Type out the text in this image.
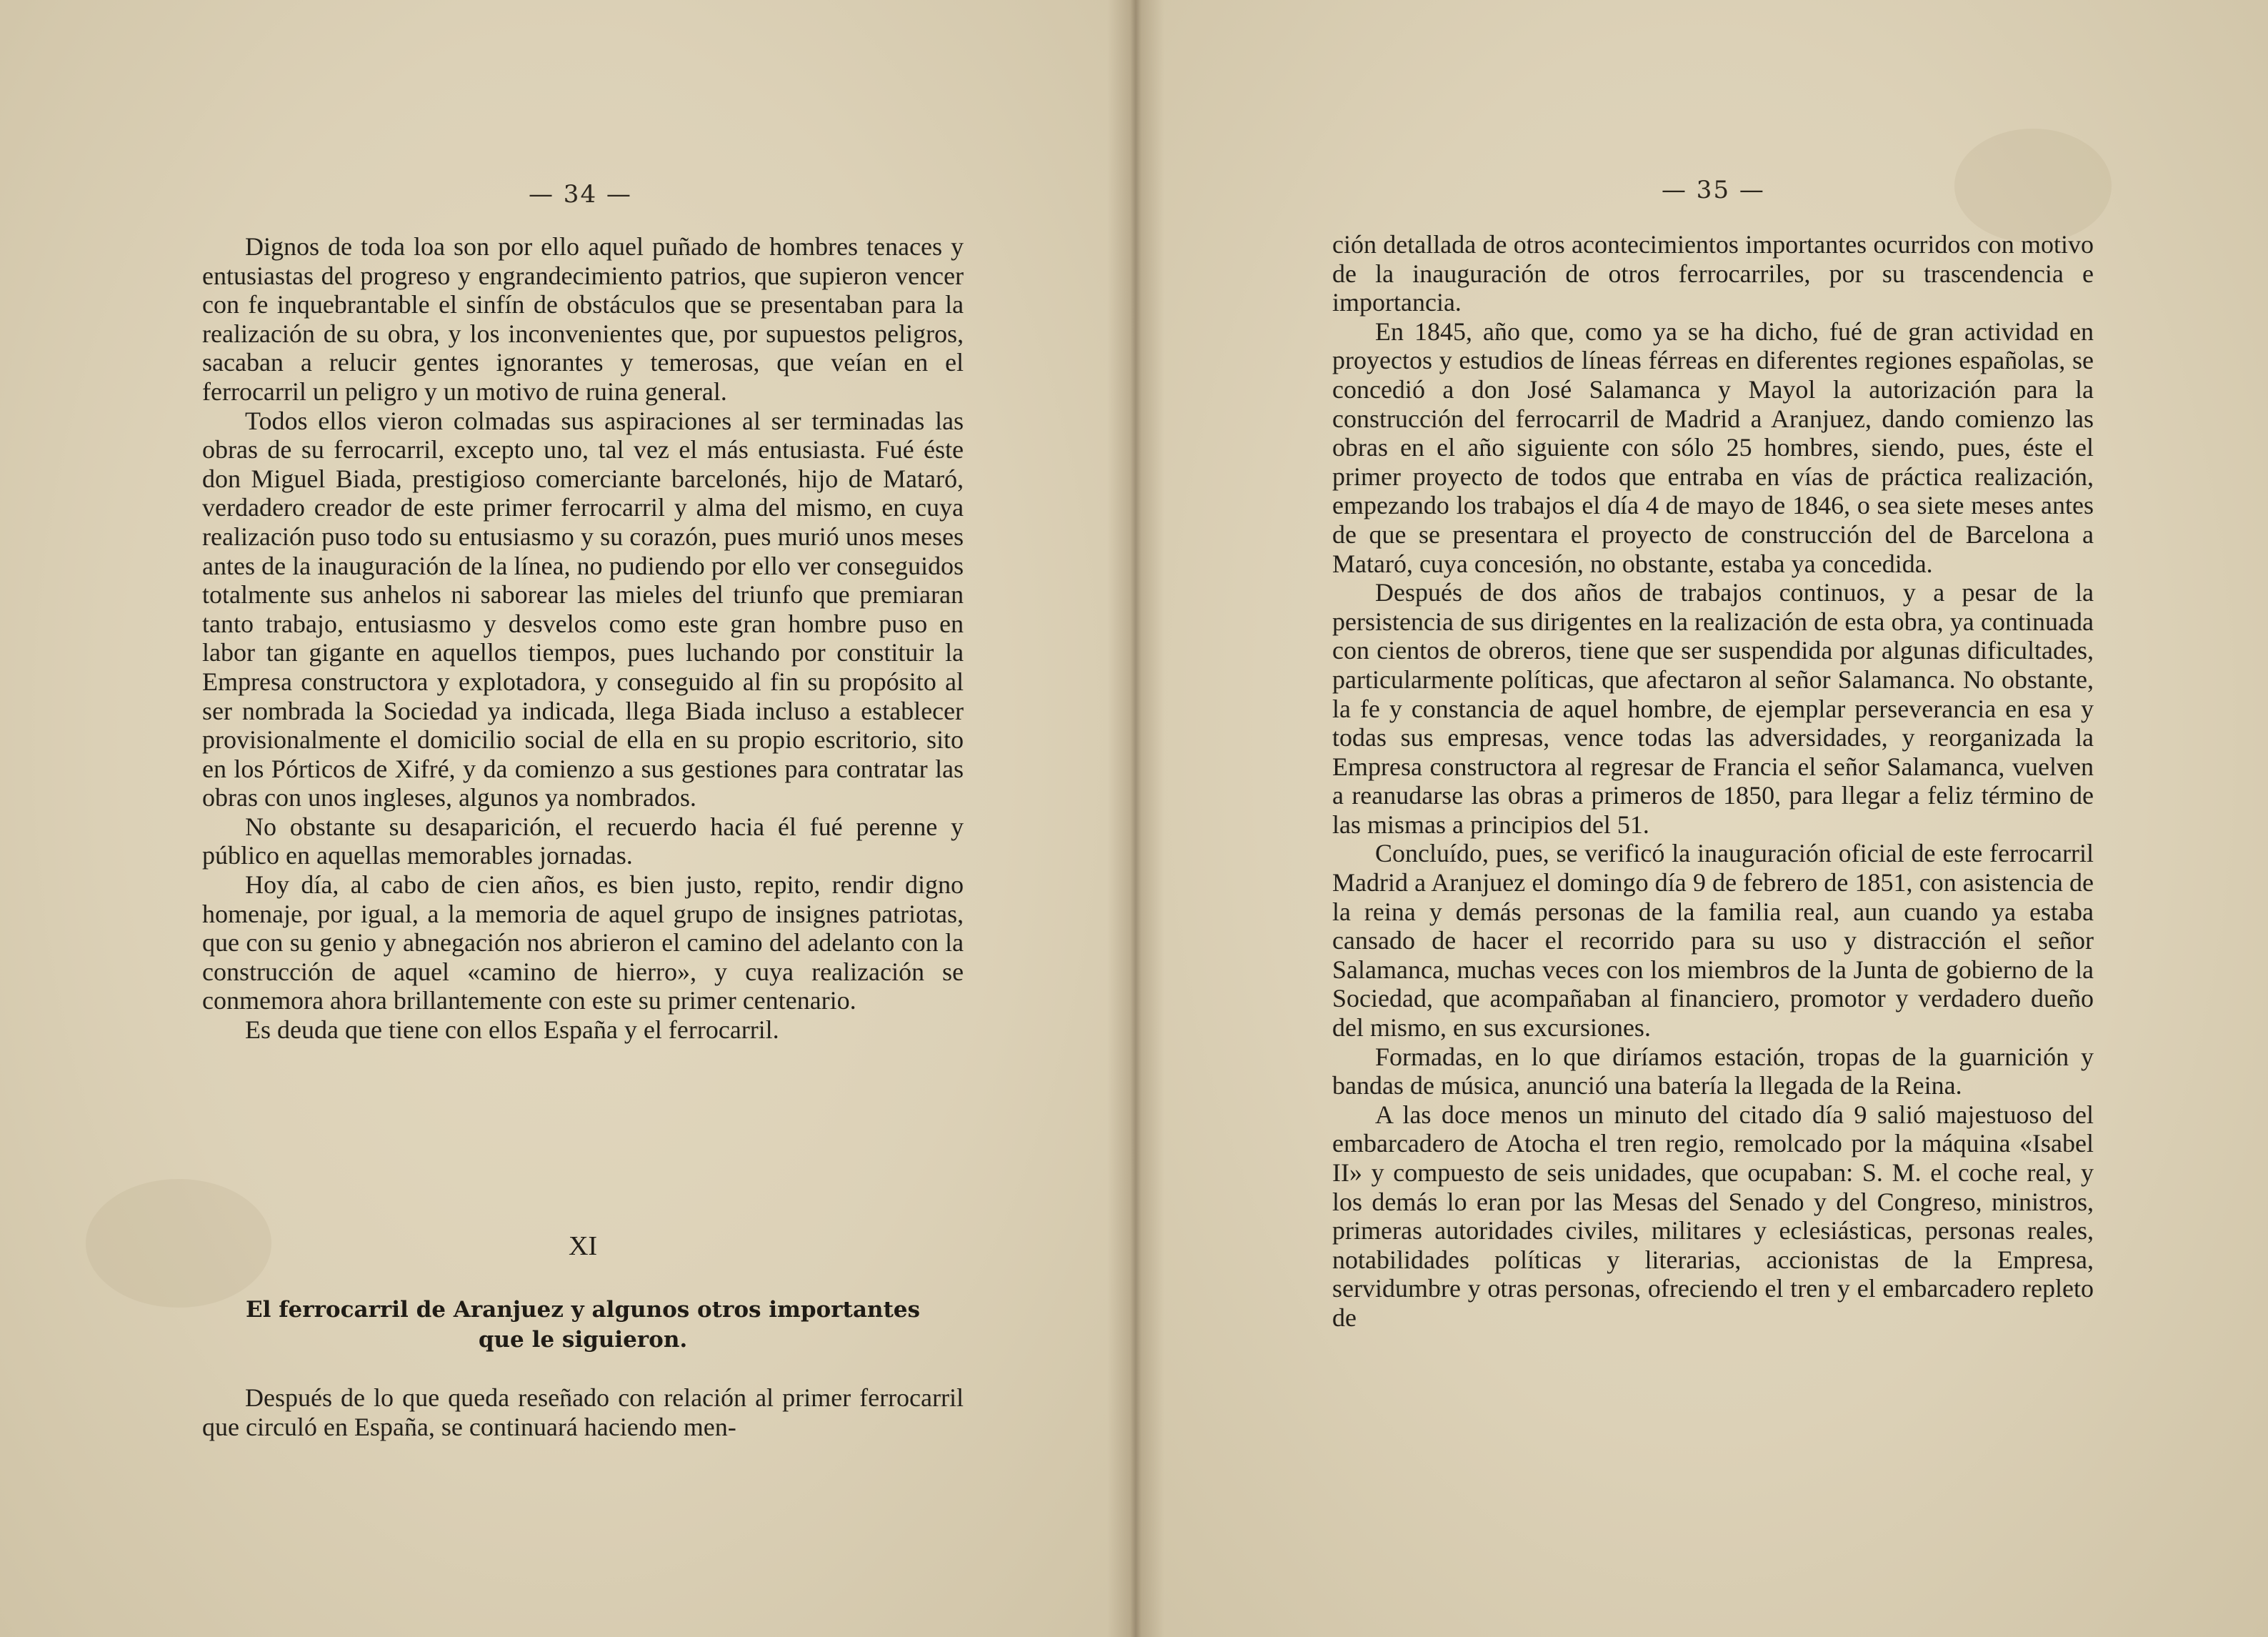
— 34 —

Dignos de toda loa son por ello aquel puñado de hombres tenaces y entusiastas del progreso y engrandecimiento patrios, que supieron vencer con fe inquebrantable el sinfín de obstáculos que se presentaban para la realización de su obra, y los inconvenientes que, por supuestos peligros, sacaban a relucir gentes ignorantes y temerosas, que veían en el ferrocarril un peligro y un motivo de ruina general.

Todos ellos vieron colmadas sus aspiraciones al ser terminadas las obras de su ferrocarril, excepto uno, tal vez el más entusiasta. Fué éste don Miguel Biada, prestigioso comerciante barcelonés, hijo de Mataró, verdadero creador de este primer ferrocarril y alma del mismo, en cuya realización puso todo su entusiasmo y su corazón, pues murió unos meses antes de la inauguración de la línea, no pudiendo por ello ver conseguidos totalmente sus anhelos ni saborear las mieles del triunfo que premiaran tanto trabajo, entusiasmo y desvelos como este gran hombre puso en labor tan gigante en aquellos tiempos, pues luchando por constituir la Empresa constructora y explotadora, y conseguido al fin su propósito al ser nombrada la Sociedad ya indicada, llega Biada incluso a establecer provisionalmente el domicilio social de ella en su propio escritorio, sito en los Pórticos de Xifré, y da comienzo a sus gestiones para contratar las obras con unos ingleses, algunos ya nombrados.

No obstante su desaparición, el recuerdo hacia él fué perenne y público en aquellas memorables jornadas.

Hoy día, al cabo de cien años, es bien justo, repito, rendir digno homenaje, por igual, a la memoria de aquel grupo de insignes patriotas, que con su genio y abnegación nos abrieron el camino del adelanto con la construcción de aquel «camino de hierro», y cuya realización se conmemora ahora brillantemente con este su primer centenario.

Es deuda que tiene con ellos España y el ferrocarril.

XI
El ferrocarril de Aranjuez y algunos otros importantes
que le siguieron.

Después de lo que queda reseñado con relación al primer ferrocarril que circuló en España, se continuará haciendo men-

— 35 —

ción detallada de otros acontecimientos importantes ocurridos con motivo de la inauguración de otros ferrocarriles, por su trascendencia e importancia.

En 1845, año que, como ya se ha dicho, fué de gran actividad en proyectos y estudios de líneas férreas en diferentes regiones españolas, se concedió a don José Salamanca y Mayol la autorización para la construcción del ferrocarril de Madrid a Aranjuez, dando comienzo las obras en el año siguiente con sólo 25 hombres, siendo, pues, éste el primer proyecto de todos que entraba en vías de práctica realización, empezando los trabajos el día 4 de mayo de 1846, o sea siete meses antes de que se presentara el proyecto de construcción del de Barcelona a Mataró, cuya concesión, no obstante, estaba ya concedida.

Después de dos años de trabajos continuos, y a pesar de la persistencia de sus dirigentes en la realización de esta obra, ya continuada con cientos de obreros, tiene que ser suspendida por algunas dificultades, particularmente políticas, que afectaron al señor Salamanca. No obstante, la fe y constancia de aquel hombre, de ejemplar perseverancia en esa y todas sus empresas, vence todas las adversidades, y reorganizada la Empresa constructora al regresar de Francia el señor Salamanca, vuelven a reanudarse las obras a primeros de 1850, para llegar a feliz término de las mismas a principios del 51.

Concluído, pues, se verificó la inauguración oficial de este ferrocarril Madrid a Aranjuez el domingo día 9 de febrero de 1851, con asistencia de la reina y demás personas de la familia real, aun cuando ya estaba cansado de hacer el recorrido para su uso y distracción el señor Salamanca, muchas veces con los miembros de la Junta de gobierno de la Sociedad, que acompañaban al financiero, promotor y verdadero dueño del mismo, en sus excursiones.

Formadas, en lo que diríamos estación, tropas de la guarnición y bandas de música, anunció una batería la llegada de la Reina.

A las doce menos un minuto del citado día 9 salió majestuoso del embarcadero de Atocha el tren regio, remolcado por la máquina «Isabel II» y compuesto de seis unidades, que ocupaban: S. M. el coche real, y los demás lo eran por las Mesas del Senado y del Congreso, ministros, primeras autoridades civiles, militares y eclesiásticas, personas reales, notabilidades políticas y literarias, accionistas de la Empresa, servidumbre y otras personas, ofreciendo el tren y el embarcadero repleto de
